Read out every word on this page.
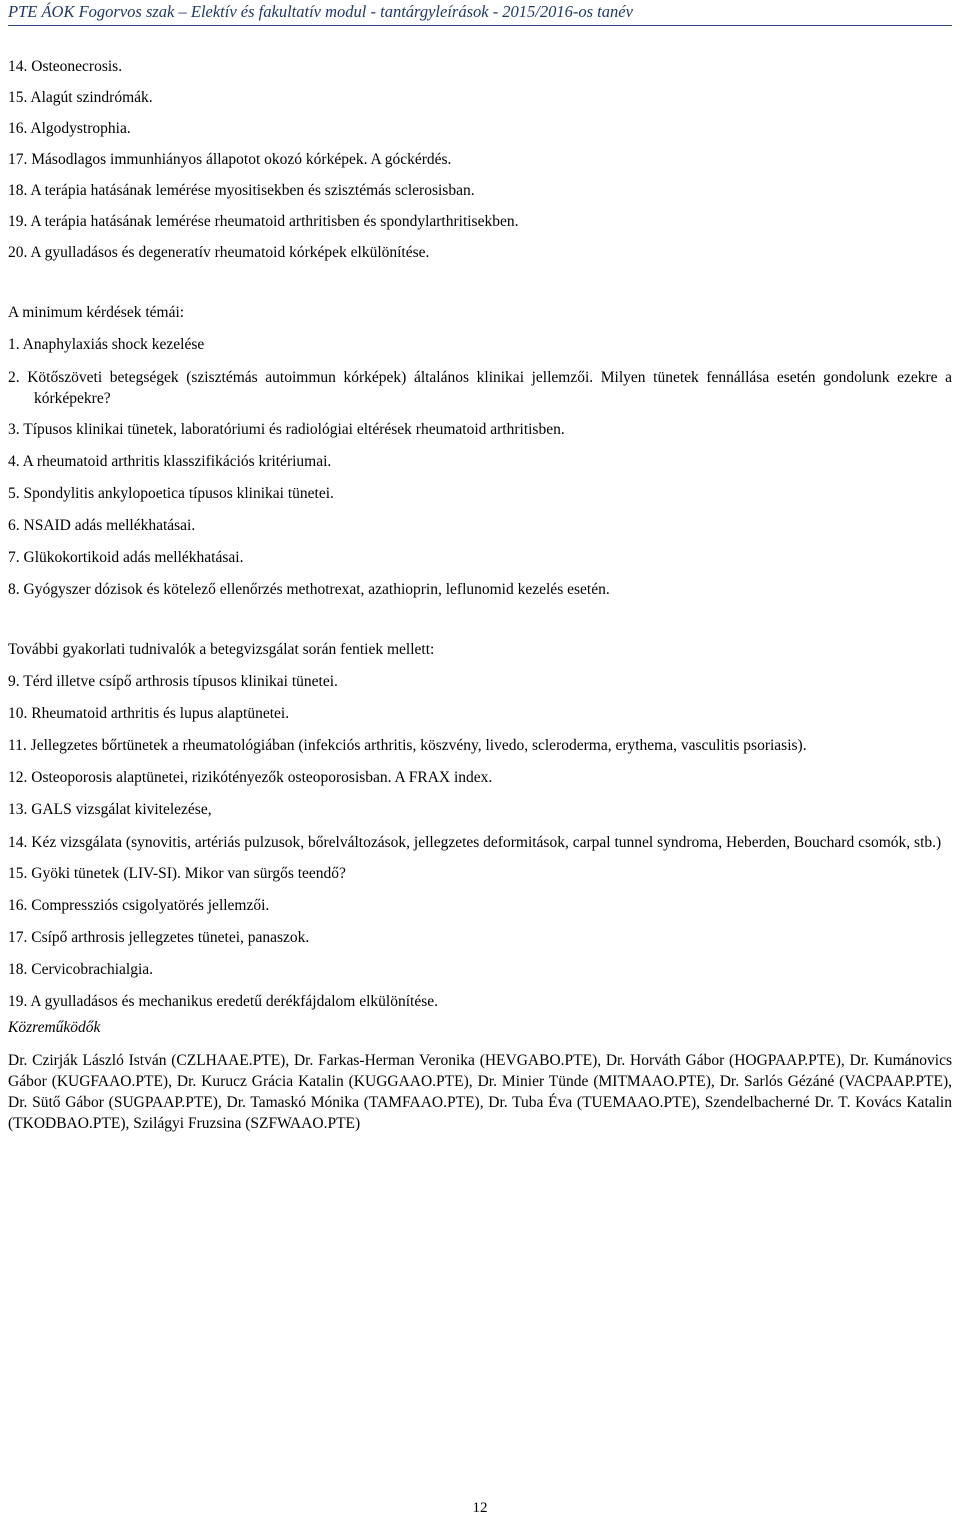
PTE ÁOK Fogorvos szak – Elektív és fakultatív modul - tantárgyleírások - 2015/2016-os tanév
14. Osteonecrosis.
15. Alagút szindrómák.
16. Algodystrophia.
17. Másodlagos immunhiányos állapotot okozó kórképek. A góckérdés.
18. A terápia hatásának lemérése myositisekben és szisztémás sclerosisban.
19. A terápia hatásának lemérése rheumatoid arthritisben és spondylarthritisekben.
20. A gyulladásos és degeneratív rheumatoid kórképek elkülönítése.
A minimum kérdések témái:
1. Anaphylaxiás shock kezelése
2. Kötőszöveti betegségek (szisztémás autoimmun kórképek) általános klinikai jellemzői. Milyen tünetek fennállása esetén gondolunk ezekre a kórképekre?
3. Típusos klinikai tünetek, laboratóriumi és radiológiai eltérések rheumatoid arthritisben.
4. A rheumatoid arthritis klasszifikációs kritériumai.
5. Spondylitis ankylopoetica típusos klinikai tünetei.
6. NSAID adás mellékhatásai.
7. Glükokortikoid adás mellékhatásai.
8. Gyógyszer dózisok és kötelező ellenőrzés methotrexat, azathioprin, leflunomid kezelés esetén.
További gyakorlati tudnivalók a betegvizsgálat során fentiek mellett:
9. Térd illetve csípő arthrosis típusos klinikai tünetei.
10. Rheumatoid arthritis és lupus alaptünetei.
11. Jellegzetes bőrtünetek a rheumatológiában (infekciós arthritis, köszvény, livedo, scleroderma, erythema, vasculitis psoriasis).
12. Osteoporosis alaptünetei, rizikótényezők osteoporosisban. A FRAX index.
13. GALS vizsgálat kivitelezése,
14. Kéz vizsgálata (synovitis, artériás pulzusok, bőrelváltozások, jellegzetes deformitások, carpal tunnel syndroma, Heberden, Bouchard csomók, stb.)
15. Gyöki tünetek (LIV-SI). Mikor van sürgős teendő?
16. Compressziós csigolyatörés jellemzői.
17. Csípő arthrosis jellegzetes tünetei, panaszok.
18. Cervicobrachialgia.
19. A gyulladásos és mechanikus eredetű derékfájdalom elkülönítése.
Közreműködők
Dr. Czirják László István (CZLHAAE.PTE), Dr. Farkas-Herman Veronika (HEVGABO.PTE), Dr. Horváth Gábor (HOGPAAP.PTE), Dr. Kumánovics Gábor (KUGFAAO.PTE), Dr. Kurucz Grácia Katalin (KUGGAAO.PTE), Dr. Minier Tünde (MITMAAO.PTE), Dr. Sarlós Gézáné (VACPAAP.PTE), Dr. Sütő Gábor (SUGPAAP.PTE), Dr. Tamaskó Mónika (TAMFAAO.PTE), Dr. Tuba Éva (TUEMAAO.PTE), Szendelbacherné Dr. T. Kovács Katalin (TKODBAO.PTE), Szilágyi Fruzsina (SZFWAAO.PTE)
12
